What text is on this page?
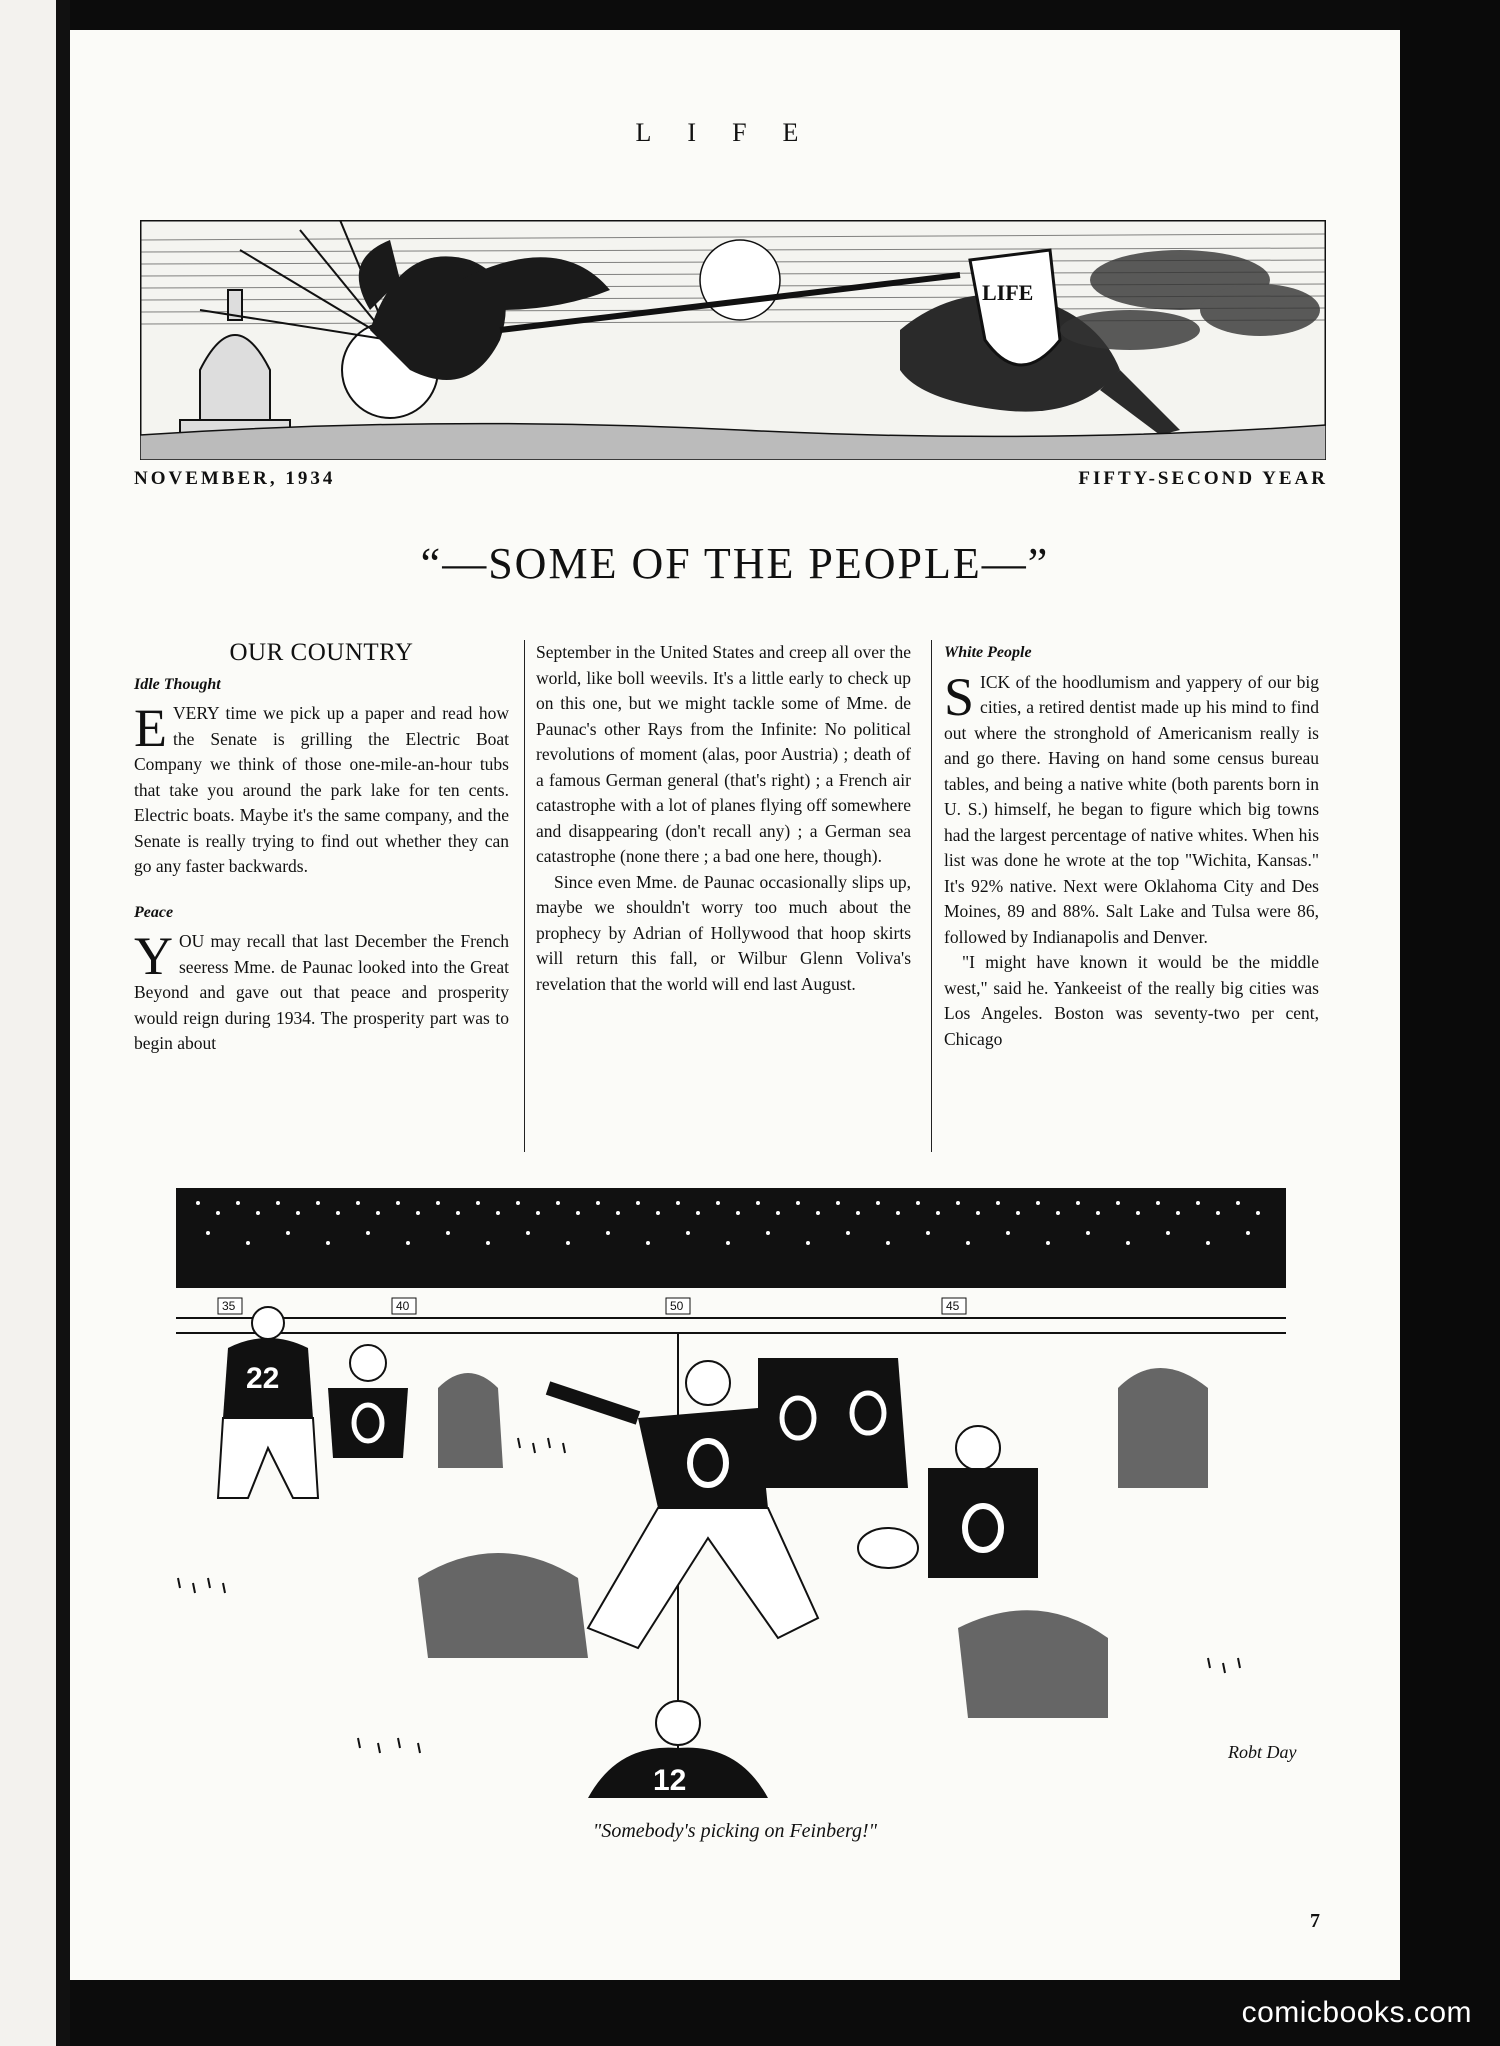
LIFE
LIFE
NOVEMBER, 1934	FIFTY-SECOND YEAR
“—SOME OF THE PEOPLE—”
OUR COUNTRY
Idle Thought

EVERY time we pick up a paper and read how the Senate is grilling the Electric Boat Company we think of those one-mile-an-hour tubs that take you around the park lake for ten cents. Electric boats. Maybe it's the same company, and the Senate is really trying to find out whether they can go any faster backwards.

Peace

YOU may recall that last December the French seeress Mme. de Paunac looked into the Great Beyond and gave out that peace and prosperity would reign during 1934. The prosperity part was to begin about

September in the United States and creep all over the world, like boll weevils. It's a little early to check up on this one, but we might tackle some of Mme. de Paunac's other Rays from the Infinite: No political revolutions of moment (alas, poor Austria) ; death of a famous German general (that's right) ; a French air catastrophe with a lot of planes flying off somewhere and disappearing (don't recall any) ; a German sea catastrophe (none there ; a bad one here, though).

Since even Mme. de Paunac occasionally slips up, maybe we shouldn't worry too much about the prophecy by Adrian of Hollywood that hoop skirts will return this fall, or Wilbur Glenn Voliva's revelation that the world will end last August.

White People

SICK of the hoodlumism and yappery of our big cities, a retired dentist made up his mind to find out where the stronghold of Americanism really is and go there. Having on hand some census bureau tables, and being a native white (both parents born in U. S.) himself, he began to figure which big towns had the largest percentage of native whites. When his list was done he wrote at the top "Wichita, Kansas." It's 92% native. Next were Oklahoma City and Des Moines, 89 and 88%. Salt Lake and Tulsa were 86, followed by Indianapolis and Denver.

"I might have known it would be the middle west," said he. Yankeeist of the really big cities was Los Angeles. Boston was seventy-two per cent, Chicago

35	40	50	45
22
12
Robt Day
"Somebody's picking on Feinberg!"
7
comicbooks.com
